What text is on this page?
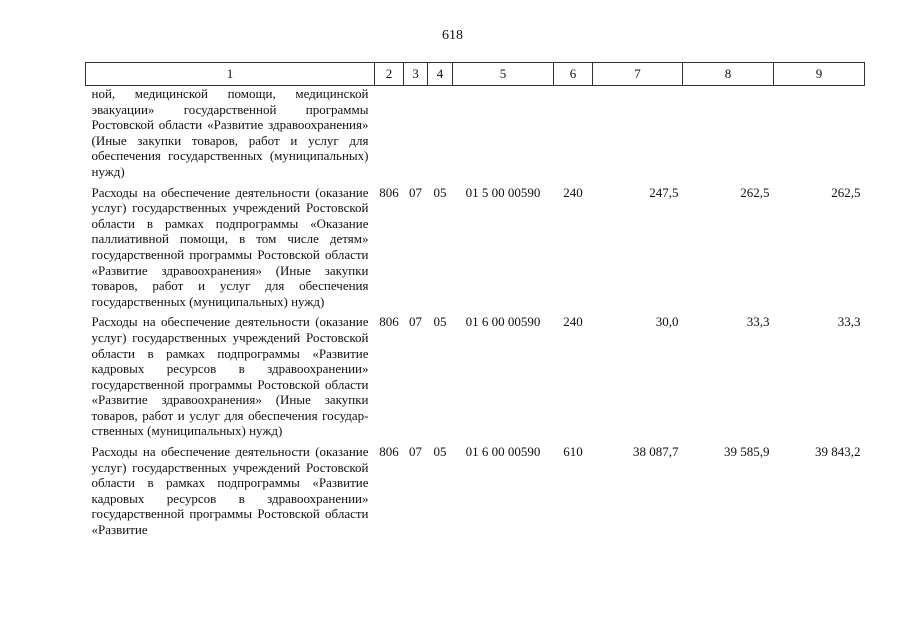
618
1	2	3	4	5	6	7	8	9
ной, медицинской помощи, медицинской эвакуации» государственной программы Ростовской области «Развитие здравоохранения» (Иные закупки товаров, работ и услуг для обеспечения государственных (муниципальных) нужд)								
Расходы на обеспечение деятельности (оказание услуг) государственных учреждений Ростовской области в рамках подпрограммы «Оказание паллиативной помощи, в том числе детям» государственной программы Ростовской области «Развитие здравоохранения» (Иные закупки товаров, работ и услуг для обеспечения государственных (муниципальных) нужд)	806	07	05	01 5 00 00590	240	247,5	262,5	262,5
Расходы на обеспечение деятельности (оказание услуг) государственных учреждений Ростовской области в рамках подпрограммы «Развитие кадровых ресурсов в здравоохранении» государственной программы Ростовской области «Развитие здравоохранения» (Иные закупки товаров, работ и услуг для обеспечения государственных (муниципальных) нужд)	806	07	05	01 6 00 00590	240	30,0	33,3	33,3
Расходы на обеспечение деятельности (оказание услуг) государственных учреждений Ростовской области в рамках подпрограммы «Развитие кадровых ресурсов в здравоохранении» государственной программы Ростовской области «Развитие	806	07	05	01 6 00 00590	610	38 087,7	39 585,9	39 843,2
